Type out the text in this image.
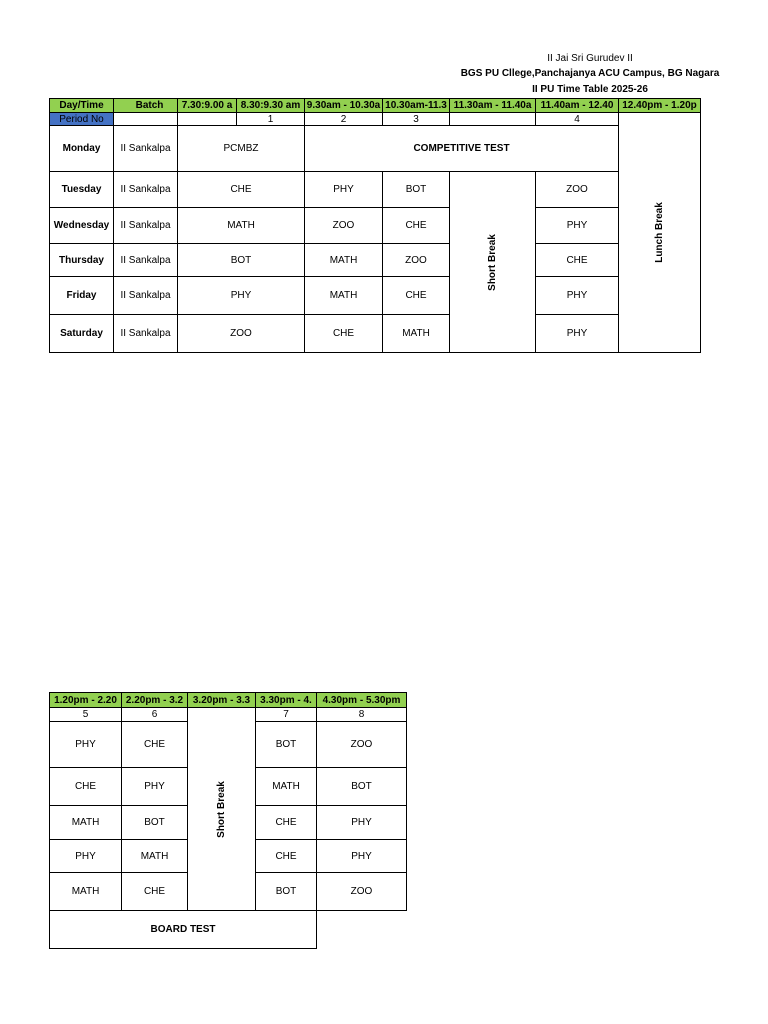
II Jai Sri Gurudev II
BGS PU Cllege,Panchajanya ACU Campus, BG Nagara
II PU Time Table 2025-26
Day/Time	Batch	7.30:9.00 a	8.30:9.30 am	9.30am - 10.30a	10.30am-11.3	11.30am - 11.40a	11.40am - 12.40	12.40pm - 1.20p
Period No			1	2	3		4	Lunch Break
Monday	II Sankalpa	PCMBZ		COMPETITIVE TEST				
Tuesday	II Sankalpa	CHE		PHY	BOT	Short Break	ZOO	
Wednesday	II Sankalpa	MATH		ZOO	CHE		PHY	
Thursday	II Sankalpa	BOT		MATH	ZOO		CHE	
Friday	II Sankalpa	PHY		MATH	CHE		PHY	
Saturday	II Sankalpa	ZOO		CHE	MATH		PHY	
1.20pm - 2.20	2.20pm - 3.2	3.20pm - 3.3	3.30pm - 4.	4.30pm - 5.30pm
5	6	Short Break	7	8
PHY	CHE		BOT	ZOO
CHE	PHY		MATH	BOT
MATH	BOT		CHE	PHY
PHY	MATH		CHE	PHY
MATH	CHE		BOT	ZOO
BOARD TEST				
